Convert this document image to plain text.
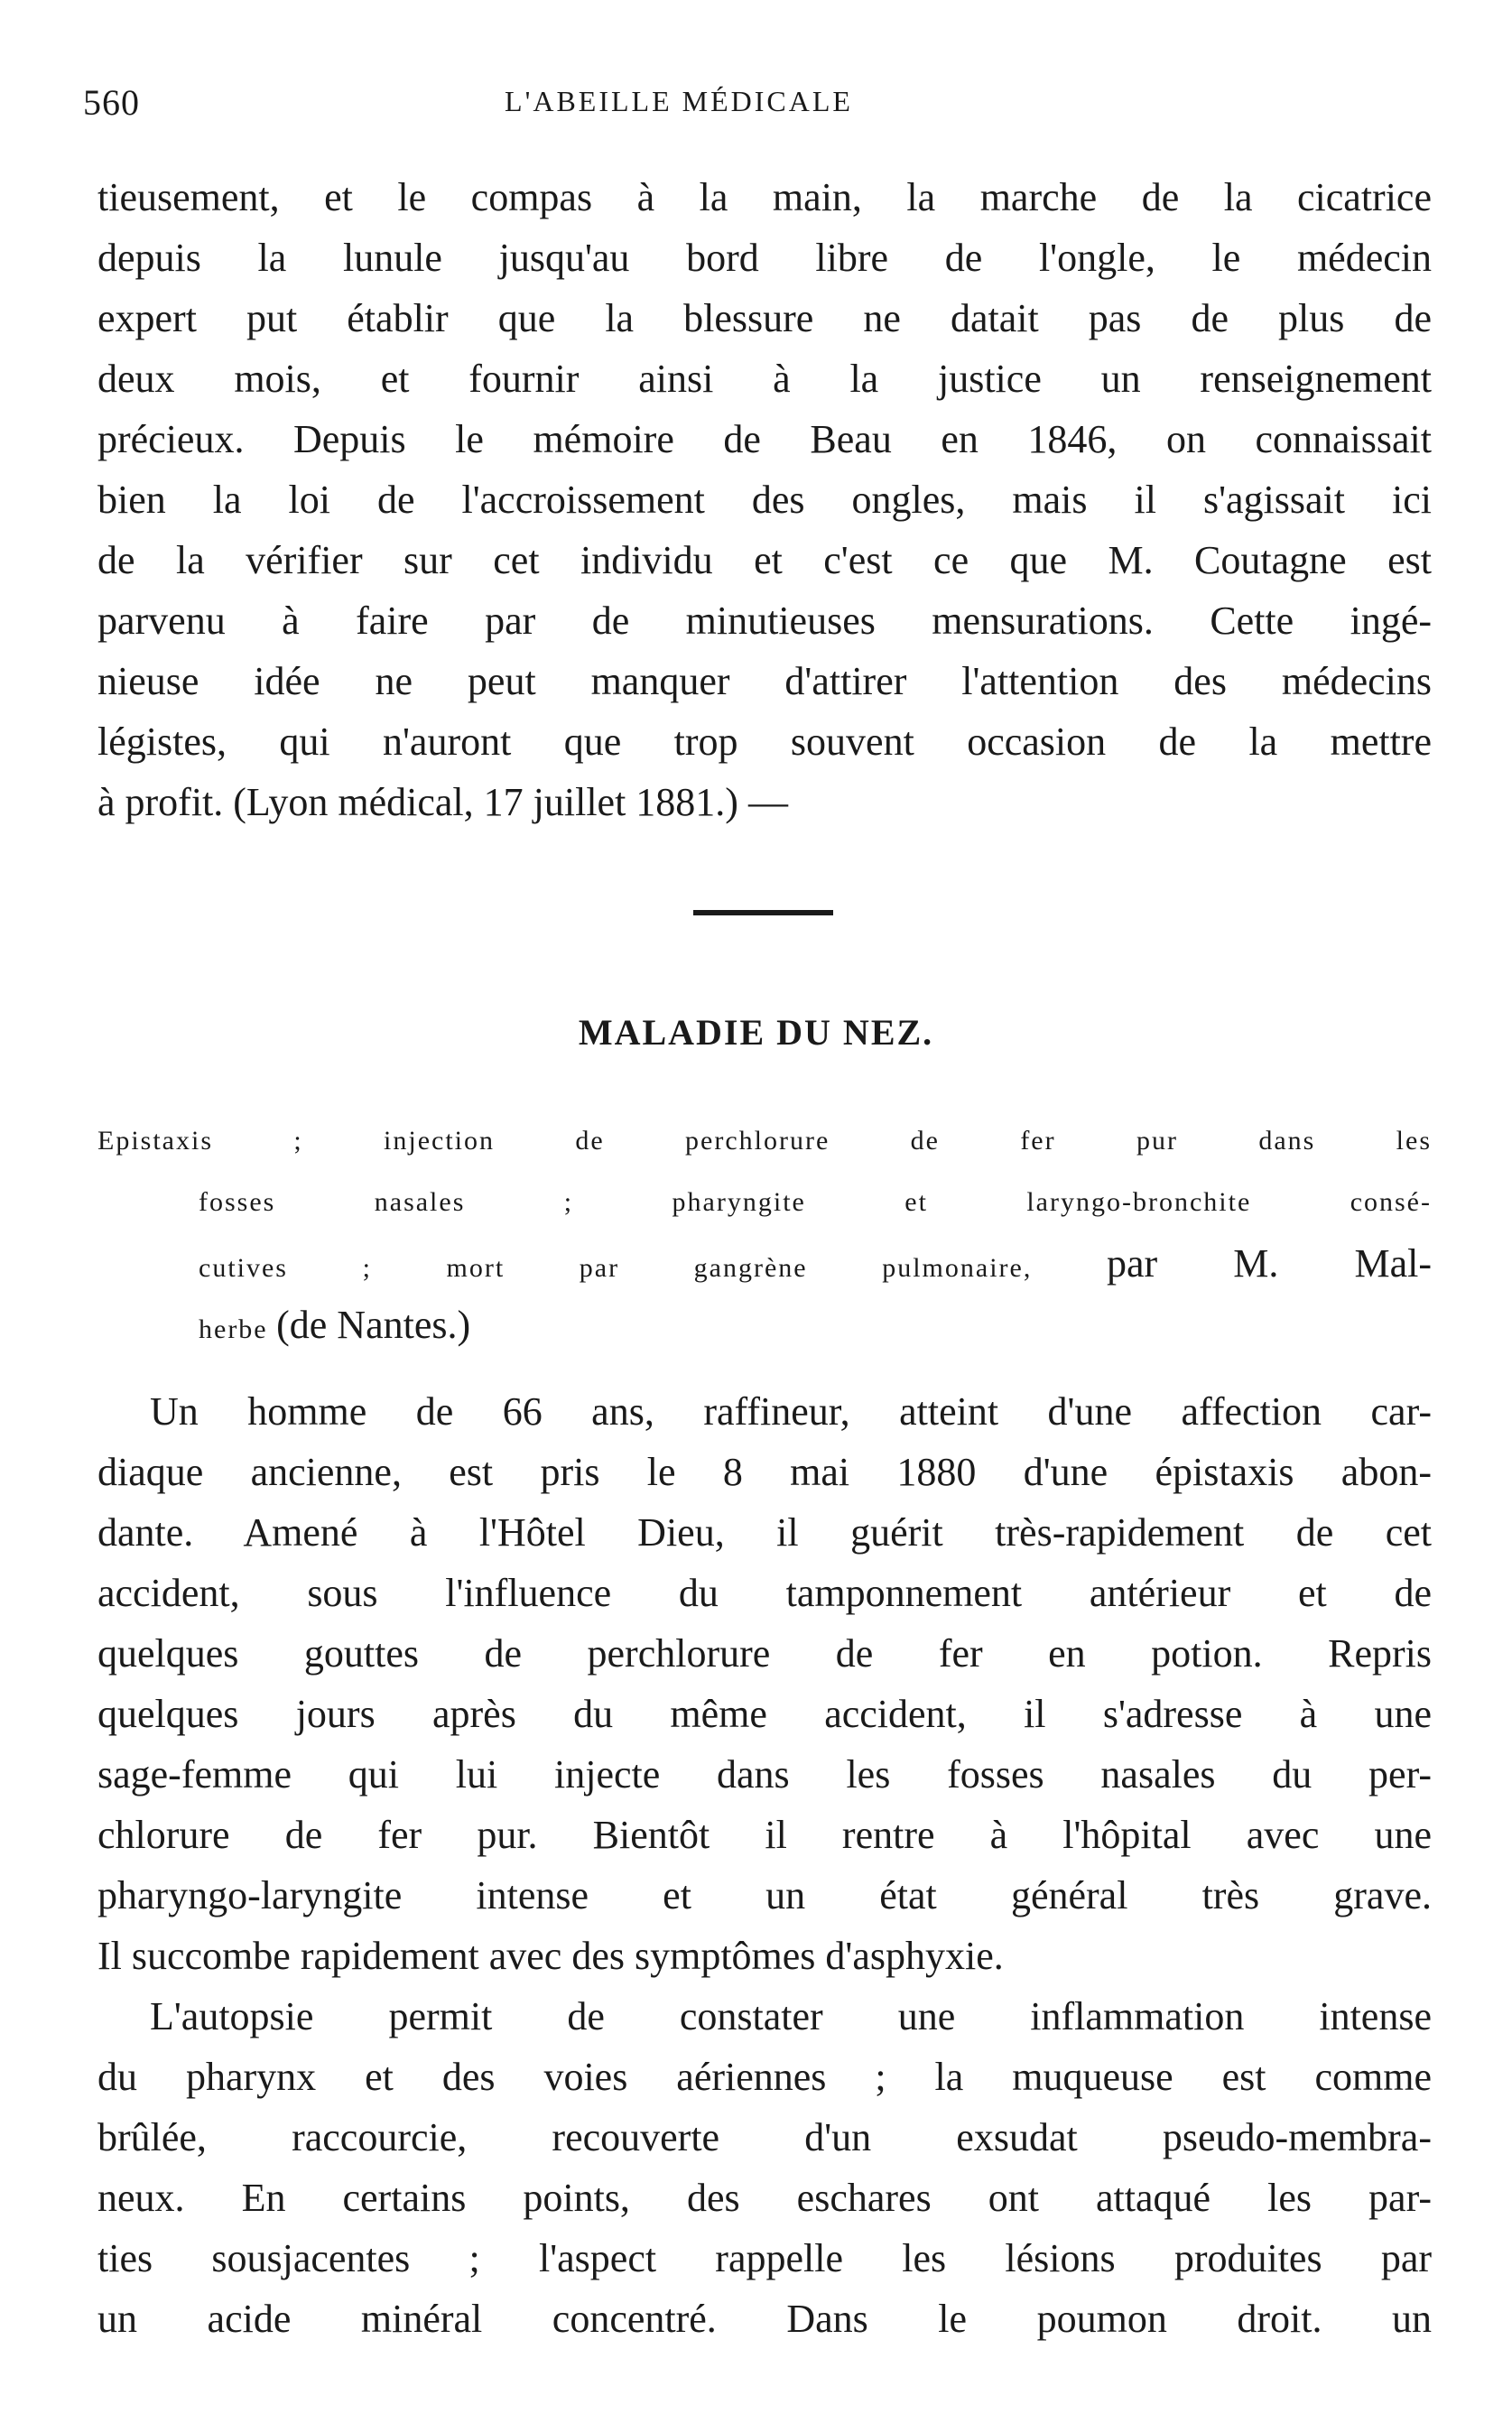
560	L'ABEILLE MÉDICALE
tieusement, et le compas à la main, la marche de la cicatrice
depuis la lunule jusqu'au bord libre de l'ongle, le médecin
expert put établir que la blessure ne datait pas de plus de
deux mois, et fournir ainsi à la justice un renseignement
précieux. Depuis le mémoire de Beau en 1846, on connaissait
bien la loi de l'accroissement des ongles, mais il s'agissait ici
de la vérifier sur cet individu et c'est ce que M. Coutagne est
parvenu à faire par de minutieuses mensurations. Cette ingé-
nieuse idée ne peut manquer d'attirer l'attention des médecins
légistes, qui n'auront que trop souvent occasion de la mettre
à profit. (Lyon médical, 17 juillet 1881.) —
MALADIE DU NEZ.
Epistaxis ; injection de perchlorure de fer pur dans les
fosses nasales ; pharyngite et laryngo-bronchite consé-
cutives ; mort par gangrène pulmonaire, par M. Mal-
herbe (de Nantes.)
Un homme de 66 ans, raffineur, atteint d'une affection car-
diaque ancienne, est pris le 8 mai 1880 d'une épistaxis abon-
dante. Amené à l'Hôtel Dieu, il guérit très-rapidement de cet
accident, sous l'influence du tamponnement antérieur et de
quelques gouttes de perchlorure de fer en potion. Repris
quelques jours après du même accident, il s'adresse à une
sage-femme qui lui injecte dans les fosses nasales du per-
chlorure de fer pur. Bientôt il rentre à l'hôpital avec une
pharyngo-laryngite intense et un état général très grave.
Il succombe rapidement avec des symptômes d'asphyxie.
L'autopsie permit de constater une inflammation intense
du pharynx et des voies aériennes ; la muqueuse est comme
brûlée, raccourcie, recouverte d'un exsudat pseudo-membra-
neux. En certains points, des eschares ont attaqué les par-
ties sousjacentes ; l'aspect rappelle les lésions produites par
un acide minéral concentré. Dans le poumon droit. un
